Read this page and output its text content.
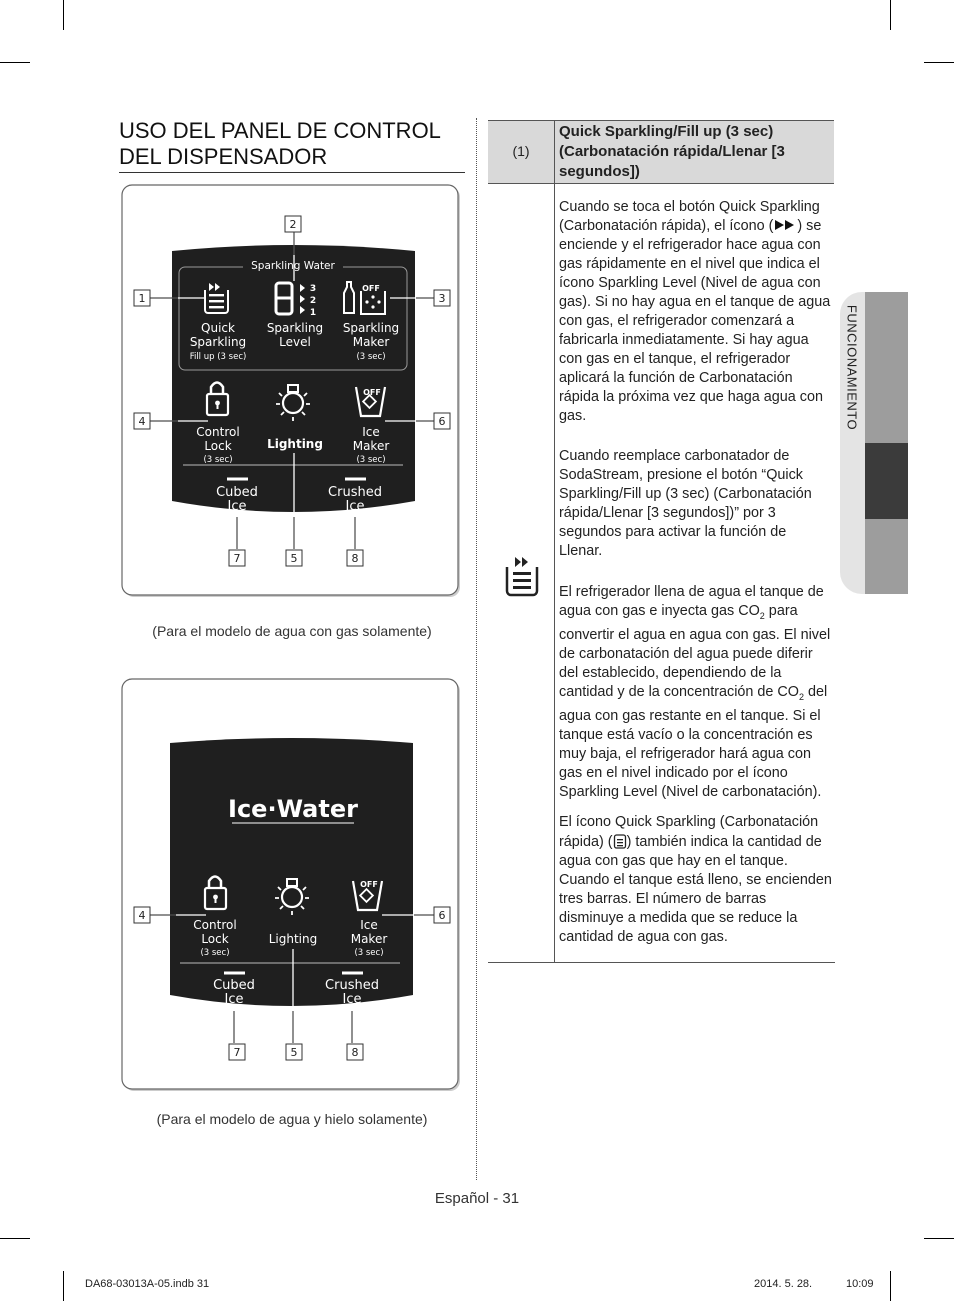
USO DEL PANEL DE CONTROL DEL DISPENSADOR
Sparkling Water
3
2
1
OFF
OFF
Quick
Sparkling
Fill up (3 sec)
Sparkling
Level
Sparkling
Maker
(3 sec)
Control
Lock
(3 sec)
Lighting
Ice
Maker
(3 sec)
Cubed
Ice
Crushed
Ice
2
1	3
4	6
7	5	8
(Para el modelo de agua con gas solamente)
Ice·Water
OFF
Control
Lock
(3 sec)
Lighting
Ice
Maker
(3 sec)
Cubed
Ice
Crushed
Ice
4	6
7	5	8
(Para el modelo de agua y hielo solamente)
(1)
Quick Sparkling/Fill up (3 sec) (Carbonatación rápida/Llenar [3 segundos])

Cuando se toca el botón Quick Sparkling (Carbonatación rápida), el ícono ( ) se enciende y el refrigerador hace agua con gas rápidamente en el nivel que indica el ícono Sparkling Level (Nivel de agua con gas). Si no hay agua en el tanque de agua con gas, el refrigerador comenzará a fabricarla inmediatamente. Si hay agua con gas en el tanque, el refrigerador aplicará la función de Carbonatación rápida la próxima vez que haga agua con gas.

Cuando reemplace carbonatador de SodaStream, presione el botón “Quick Sparkling/Fill up (3 sec) (Carbonatación rápida/Llenar [3 segundos])” por 3 segundos para activar la función de Llenar.

El refrigerador llena de agua el tanque de agua con gas e inyecta gas $CO_2$ para convertir el agua en agua con gas. El nivel de carbonatación del agua puede diferir del establecido, dependiendo de la cantidad y de la concentración de $CO_2$ del agua con gas restante en el tanque. Si el tanque está vacío o la concentración es muy baja, el refrigerador hará agua con gas en el nivel indicado por el ícono Sparkling Level (Nivel de carbonatación).

El ícono Quick Sparkling (Carbonatación rápida) ( ) también indica la cantidad de agua con gas que hay en el tanque. Cuando el tanque está lleno, se encienden tres barras. El número de barras disminuye a medida que se reduce la cantidad de agua con gas.

FUNCIONAMIENTO
Español - 31
DA68-03013A-05.indb 31	2014. 5. 28.	10:09
